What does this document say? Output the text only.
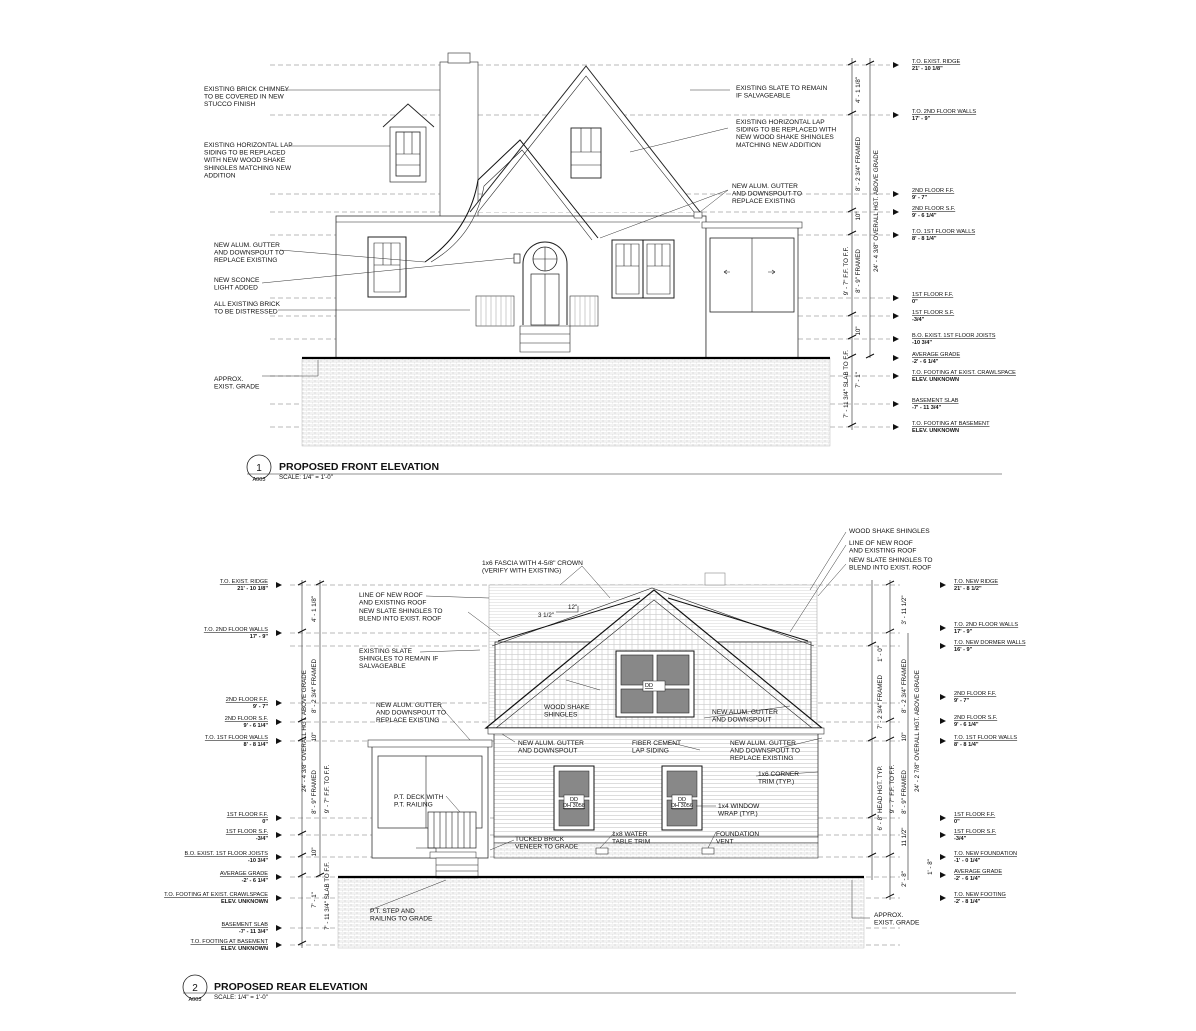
EXISTING BRICK CHIMNEY
TO BE COVERED IN NEW
STUCCO FINISH
EXISTING HORIZONTAL LAP
SIDING TO BE REPLACED
WITH NEW WOOD SHAKE
SHINGLES MATCHING NEW
ADDITION
NEW ALUM. GUTTER
AND DOWNSPOUT TO
REPLACE EXISTING
NEW SCONCE
LIGHT ADDED
ALL EXISTING BRICK
TO BE DISTRESSED
APPROX.
EXIST. GRADE
EXISTING SLATE TO REMAIN
IF SALVAGEABLE
EXISTING HORIZONTAL LAP
SIDING TO BE REPLACED WITH
NEW WOOD SHAKE SHINGLES
MATCHING NEW ADDITION
NEW ALUM. GUTTER
AND DOWNSPOUT TO
REPLACE EXISTING
T.O. EXIST. RIDGE
21' - 10 1/8"
T.O. 2ND FLOOR WALLS
17' - 9"
2ND FLOOR F.F.
9' - 7"
2ND FLOOR S.F.
9' - 6 1/4"
T.O. 1ST FLOOR WALLS
8' - 8 1/4"
1ST FLOOR F.F.
0"
1ST FLOOR S.F.
-3/4"
B.O. EXIST. 1ST FLOOR JOISTS
-10 3/4"
AVERAGE GRADE
-2' - 6 1/4"
T.O. FOOTING AT EXIST. CRAWLSPACE
ELEV. UNKNOWN
BASEMENT SLAB
-7' - 11 3/4"
T.O. FOOTING AT BASEMENT
ELEV. UNKNOWN
4' - 1 1/8"
8' - 2 3/4" FRAMED
10"
8' - 9" FRAMED
9' - 7" F.F. TO F.F.
10"
7' - 1"
7' - 11 3/4" SLAB TO F.F.
24' - 4 3/8" OVERALL HGT. ABOVE GRADE
PROPOSED FRONT ELEVATION
SCALE: 1/4" = 1'-0"
1
A003
1x6 FASCIA WITH 4-5/8" CROWN
(VERIFY WITH EXISTING)
LINE OF NEW ROOF
AND EXISTING ROOF
NEW SLATE SHINGLES TO
BLEND INTO EXIST. ROOF
EXISTING SLATE
SHINGLES TO REMAIN IF
SALVAGEABLE
NEW ALUM. GUTTER
AND DOWNSPOUT TO
REPLACE EXISTING
WOOD SHAKE
SHINGLES
NEW ALUM. GUTTER
AND DOWNSPOUT
FIBER CEMENT
LAP SIDING
NEW ALUM. GUTTER
AND DOWNSPOUT
NEW ALUM. GUTTER
AND DOWNSPOUT TO
REPLACE EXISTING
P.T. DECK WITH
P.T. RAILING
TUCKED BRICK
VENEER TO GRADE
1x8 WATER
TABLE TRIM
FOUNDATION
VENT
1x4 WINDOW
WRAP (TYP.)
1x6 CORNER
TRIM (TYP.)
P.T. STEP AND
RAILING TO GRADE
APPROX.
EXIST. GRADE
WOOD SHAKE SHINGLES
LINE OF NEW ROOF
AND EXISTING ROOF
NEW SLATE SHINGLES TO
BLEND INTO EXIST. ROOF
12"
3 1/2"
DD
DD
DH 3058
DD
DH 3056
T.O. EXIST. RIDGE
21' - 10 1/8"
T.O. 2ND FLOOR WALLS
17' - 9"
2ND FLOOR F.F.
9' - 7"
2ND FLOOR S.F.
9' - 6 1/4"
T.O. 1ST FLOOR WALLS
8' - 8 1/4"
1ST FLOOR F.F.
0"
1ST FLOOR S.F.
-3/4"
B.O. EXIST. 1ST FLOOR JOISTS
-10 3/4"
AVERAGE GRADE
-2' - 6 1/4"
T.O. FOOTING AT EXIST. CRAWLSPACE
ELEV. UNKNOWN
BASEMENT SLAB
-7' - 11 3/4"
T.O. FOOTING AT BASEMENT
ELEV. UNKNOWN
T.O. NEW RIDGE
21' - 8 1/2"
T.O. 2ND FLOOR WALLS
17' - 9"
T.O. NEW DORMER WALLS
16' - 9"
2ND FLOOR F.F.
9' - 7"
2ND FLOOR S.F.
9' - 6 1/4"
T.O. 1ST FLOOR WALLS
8' - 8 1/4"
1ST FLOOR F.F.
0"
1ST FLOOR S.F.
-3/4"
T.O. NEW FOUNDATION
-1' - 0 1/4"
AVERAGE GRADE
-2' - 6 1/4"
T.O. NEW FOOTING
-2' - 8 1/4"
4' - 1 1/8"
8' - 2 3/4" FRAMED
10"
8' - 9" FRAMED 9' - 7" F.F. TO F.F.
10"
7' - 1" 7' - 11 3/4" SLAB TO F.F.
24' - 4 3/8" OVERALL HGT. ABOVE GRADE
3' - 11 1/2"
1' - 0"
7' - 2 3/4" FRAMED	8' - 2 3/4" FRAMED
10"
6' - 8" HEAD HGT. TYP.	8' - 9" FRAMED
9' - 7" F.F. TO F.F.
11 1/2"
1' - 8"
2' - 8"
24' - 2 7/8" OVERALL HGT. ABOVE GRADE
PROPOSED REAR ELEVATION
SCALE: 1/4" = 1'-0"
2
A003
